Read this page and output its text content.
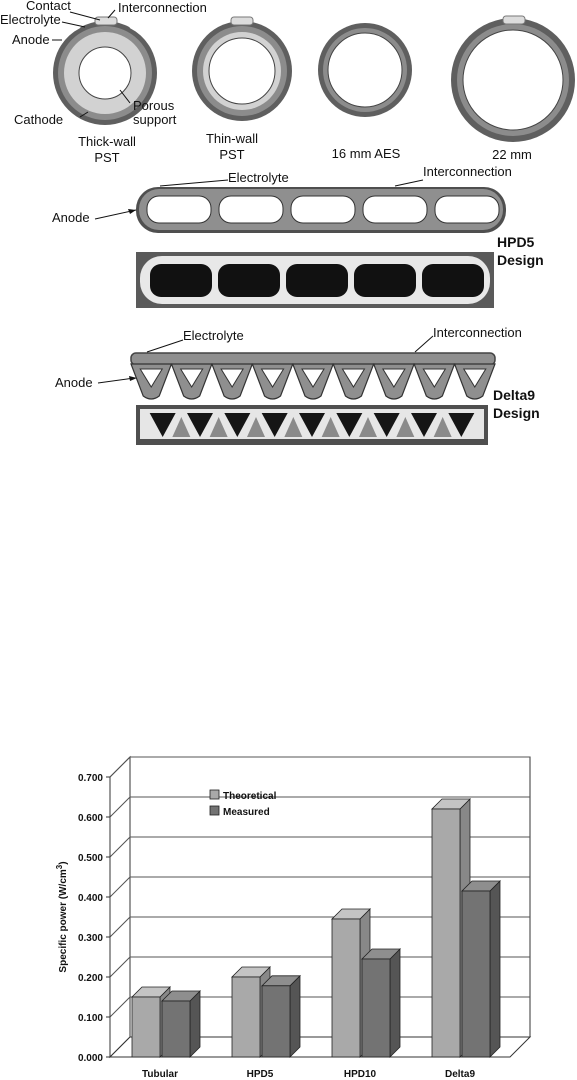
Contact
Electrolyte
Interconnection
Anode
Cathode
Porous support
Thick-wall PST
Thin-wall PST	16 mm AES	22 mm
Electrolyte	Interconnection
Anode
HPD5 Design
Electrolyte	Interconnection
Anode
Delta9 Design
0.000
0.100
0.200
0.300
0.400
0.500
0.600
0.700
Specific power $(W/cm^3)$
Tubular	HPD5	HPD10	Delta9
Theoretical
Measured
